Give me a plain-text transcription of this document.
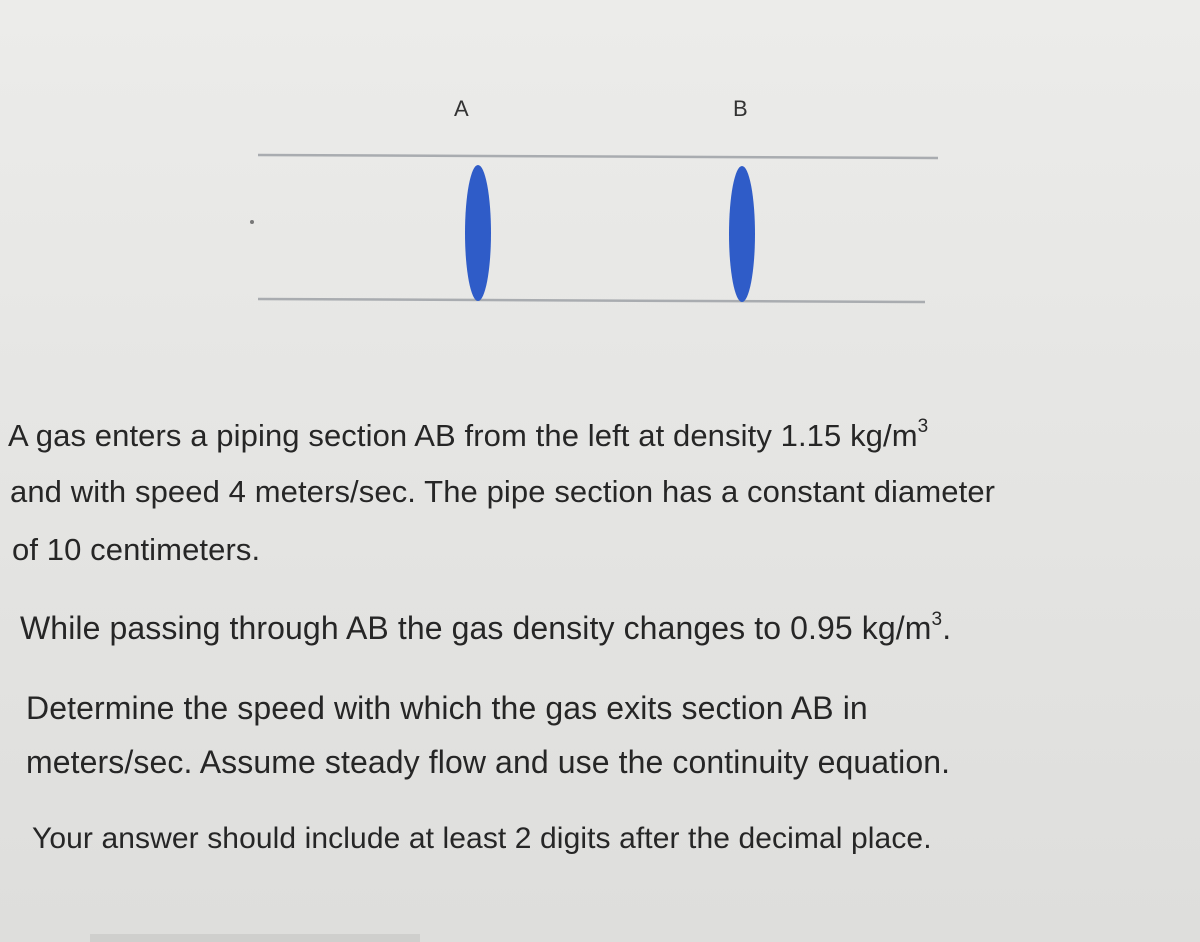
A	B
A gas enters a piping section AB from the left at density 1.15 $kg/m^3$
and with speed 4 meters/sec. The pipe section has a constant diameter
of 10 centimeters.
While passing through AB the gas density changes to 0.95 $kg/m^3$.
Determine the speed with which the gas exits section AB in
meters/sec. Assume steady flow and use the continuity equation.
Your answer should include at least 2 digits after the decimal place.
